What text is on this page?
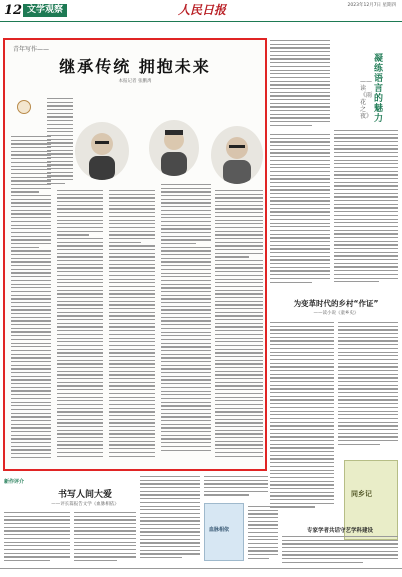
12 文学观察	人民日报	2023年12月7日 星期四
青年写作——
继承传统 拥抱未来
本报记者 张鹏禹
凝练语言的魅力
——读《雨花之夜》
为变革时代的乡村“作证”
——读小说《童乡史》
同乡记
新作评介
书写人间大爱
——评长篇报告文学《血脉相依》
血脉相依	专家学者共话守艺学科建设
